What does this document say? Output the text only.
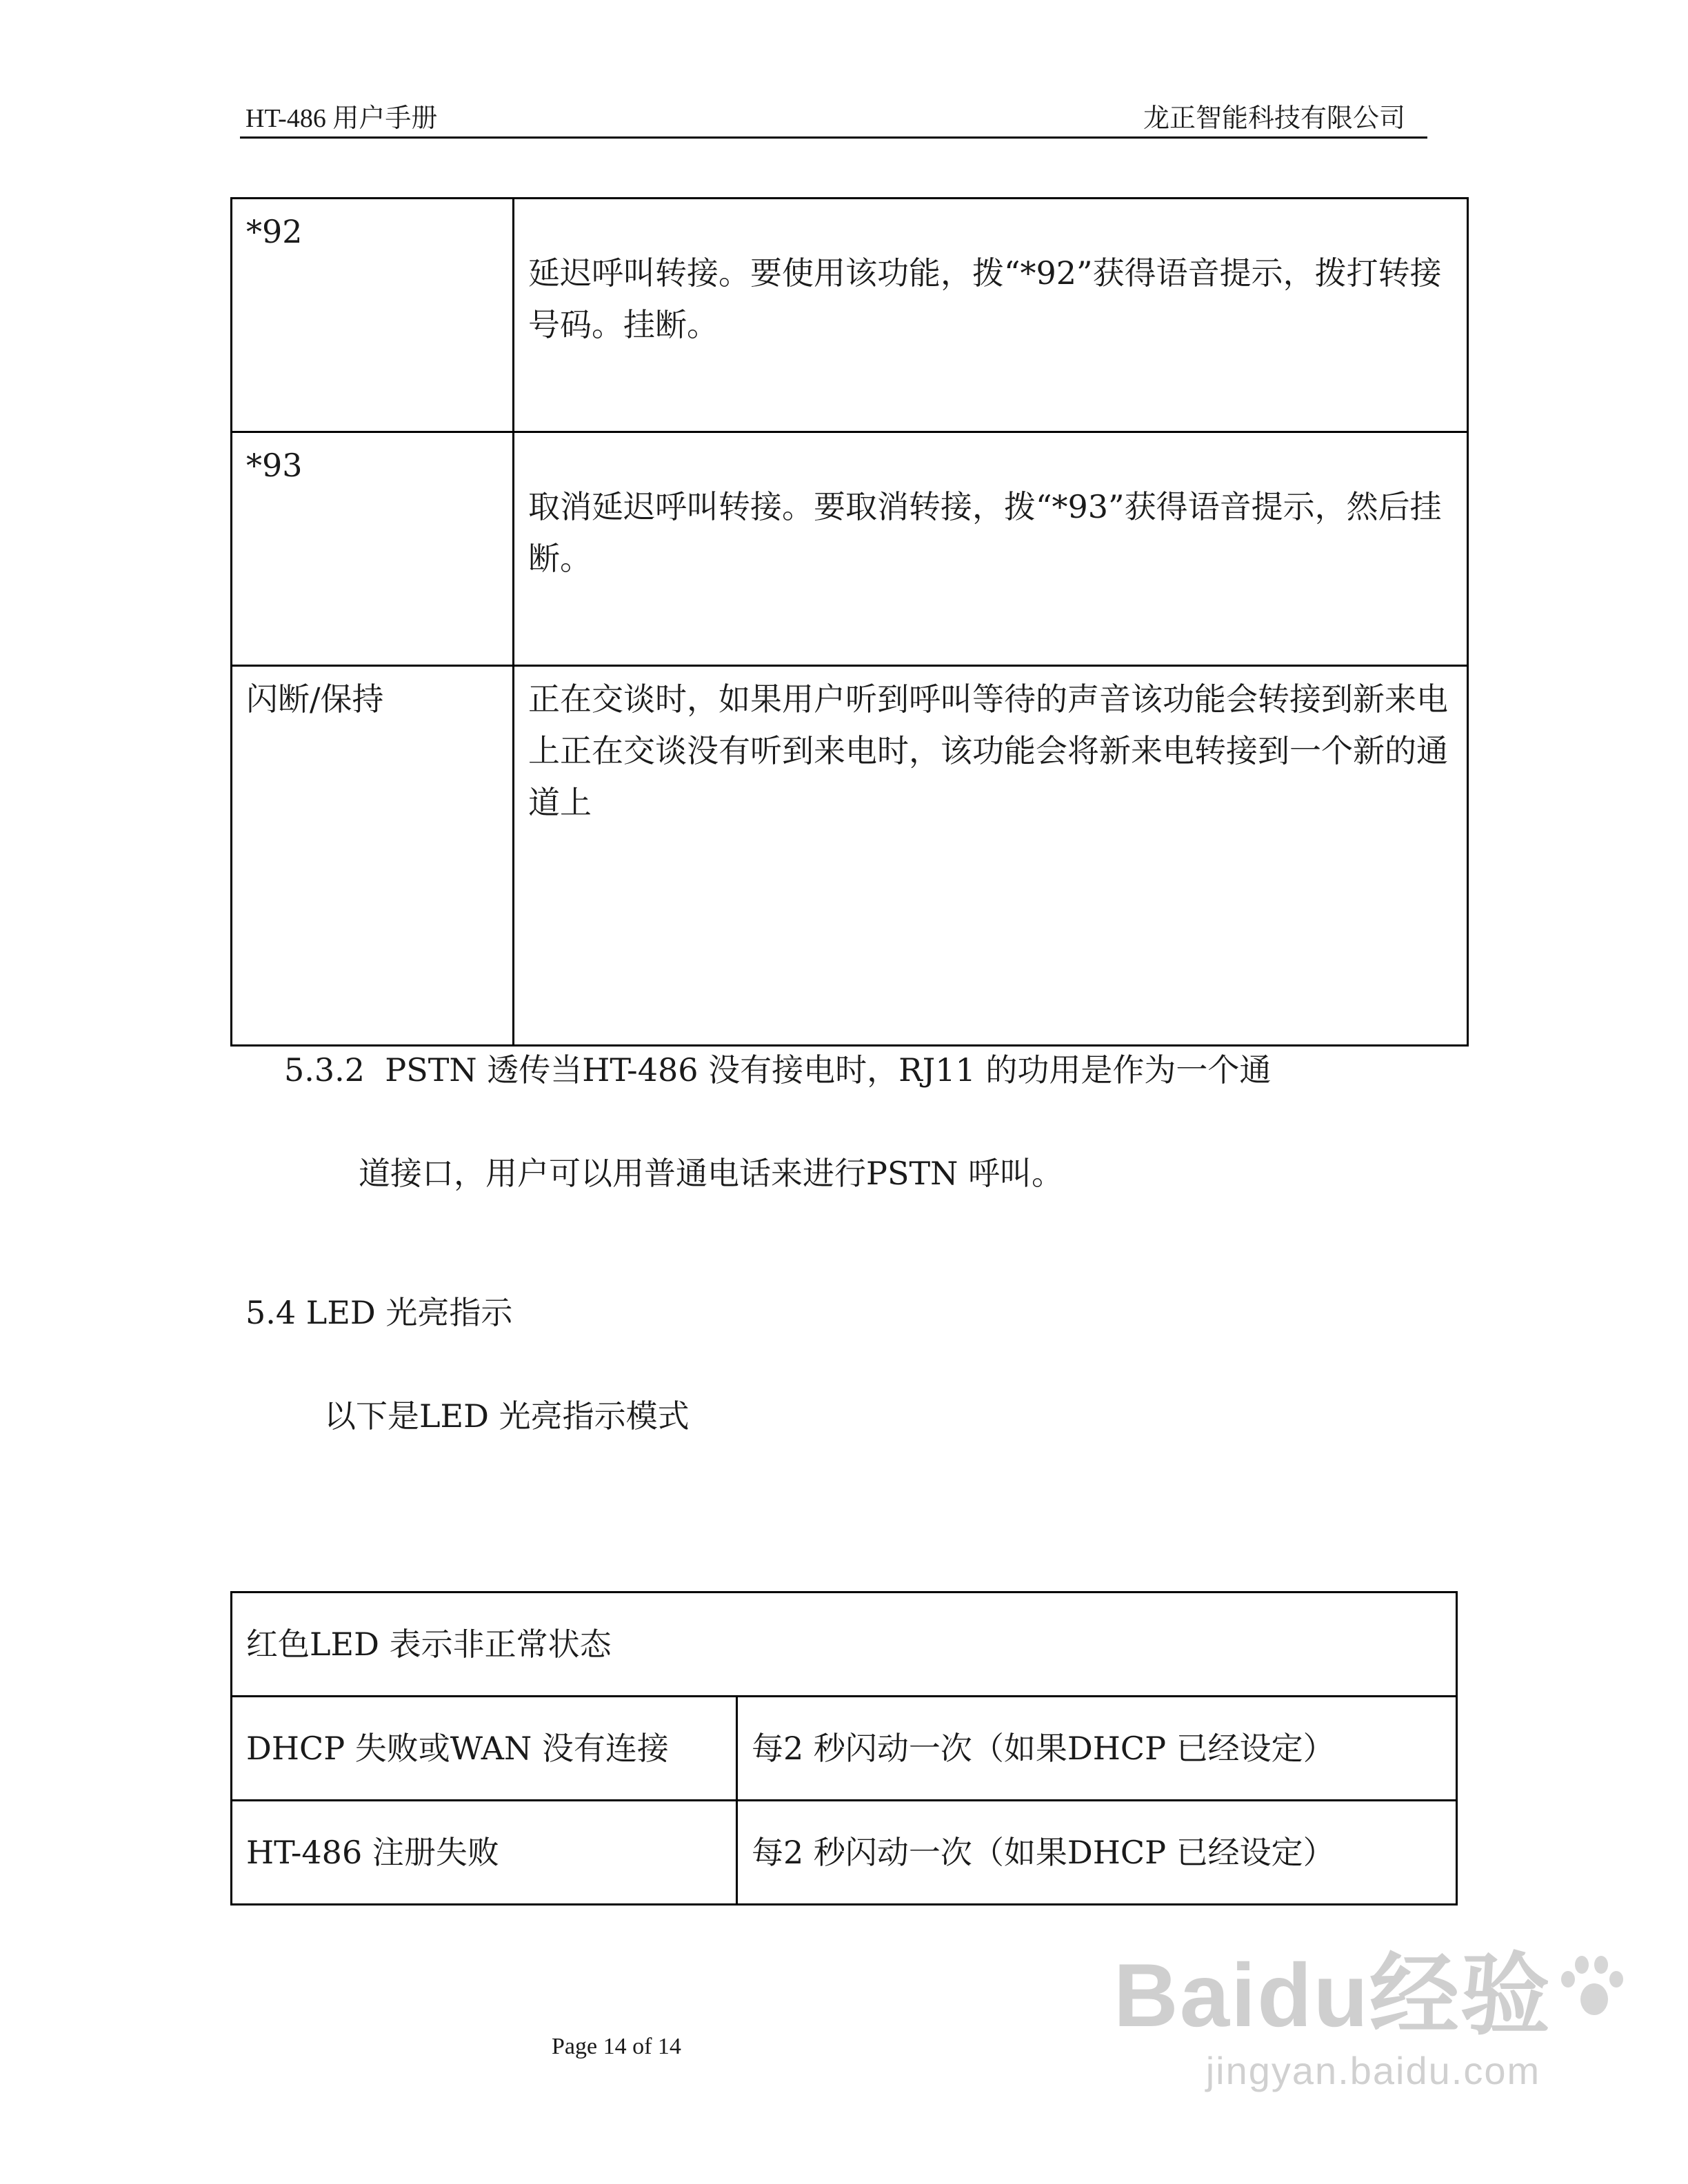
HT-486 用户手册	龙正智能科技有限公司
*92	延迟呼叫转接。要使用该功能，拨“*92”获得语音提示，拨打转接号码。挂断。
*93	取消延迟呼叫转接。要取消转接，拨“*93”获得语音提示，然后挂断。
闪断/保持	正在交谈时，如果用户听到呼叫等待的声音该功能会转接到新来电上正在交谈没有听到来电时，该功能会将新来电转接到一个新的通道上
5.3.2  PSTN 透传当HT-486 没有接电时，RJ11 的功用是作为一个通
道接口，用户可以用普通电话来进行PSTN 呼叫。
5.4 LED 光亮指示
以下是LED 光亮指示模式
红色LED 表示非正常状态	
DHCP 失败或WAN 没有连接	每2 秒闪动一次（如果DHCP 已经设定）
HT-486 注册失败	每2 秒闪动一次（如果DHCP 已经设定）
Page 14 of 14
Baidu经验
jingyan.baidu.com
